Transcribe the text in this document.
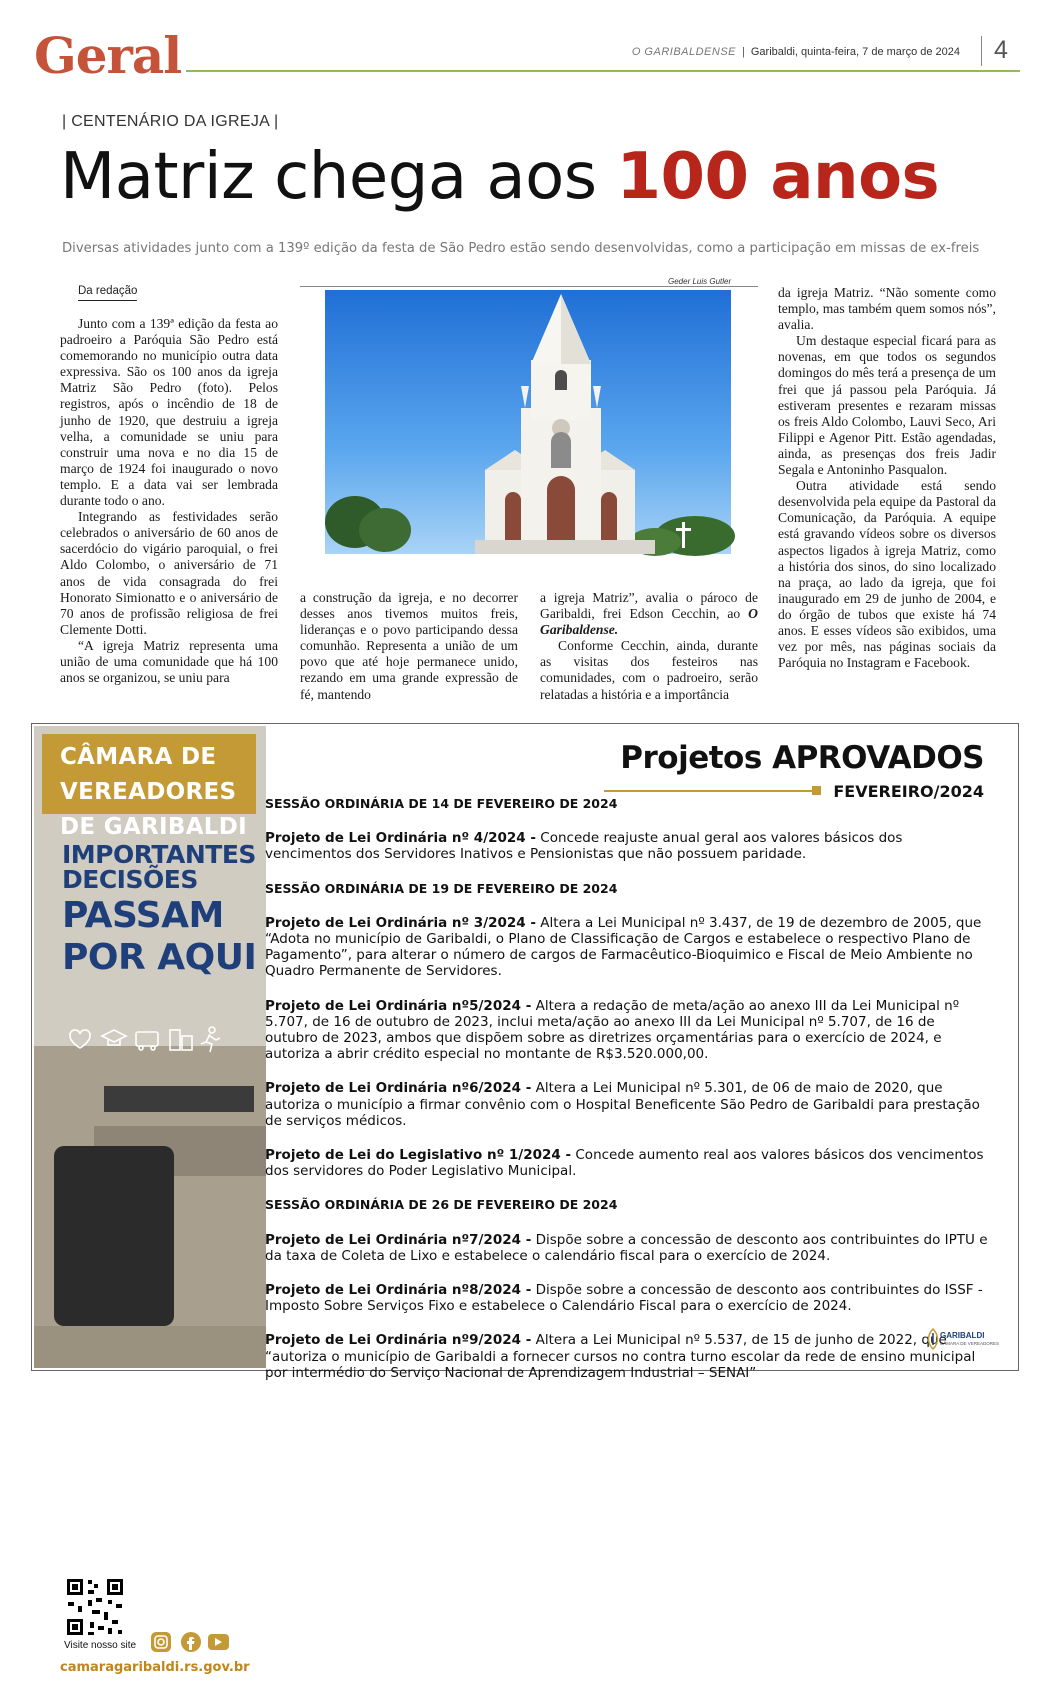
Geral	O GARIBALDENSE | Garibaldi, quinta-feira, 7 de março de 2024 4
| CENTENÁRIO DA IGREJA |
Matriz chega aos 100 anos
Diversas atividades junto com a 139º edição da festa de São Pedro estão sendo desenvolvidas, como a participação em missas de ex-freis
Da redação

Junto com a 139ª edição da festa ao padroeiro a Paróquia São Pedro está comemorando no município outra data expressiva. São os 100 anos da igreja Matriz São Pedro (foto). Pelos registros, após o incêndio de 18 de junho de 1920, que destruiu a igreja velha, a comunidade se uniu para construir uma nova e no dia 15 de março de 1924 foi inaugurado o novo templo. E a data vai ser lembrada durante todo o ano.

Integrando as festividades serão celebrados o aniversário de 60 anos de sacerdócio do vigário paroquial, o frei Aldo Colombo, o aniversário de 71 anos de vida consagrada do frei Honorato Simionatto e o aniversário de 70 anos de profissão religiosa de frei Clemente Dotti.

“A igreja Matriz representa uma união de uma comunidade que há 100 anos se organizou, se uniu para

Geder Luis Gutler

a construção da igreja, e no decorrer desses anos tivemos muitos freis, lideranças e o povo participando dessa comunhão. Representa a união de um povo que até hoje permanece unido, rezando em uma grande expressão de fé, mantendo

a igreja Matriz”, avalia o pároco de Garibaldi, frei Edson Cecchin, ao O Garibaldense.

Conforme Cecchin, ainda, durante as visitas dos festeiros nas comunidades, com o padroeiro, serão relatadas a história e a importância

da igreja Matriz. “Não somente como templo, mas também quem somos nós”, avalia.

Um destaque especial ficará para as novenas, em que todos os segundos domingos do mês terá a presença de um frei que já passou pela Paróquia. Já estiveram presentes e rezaram missas os freis Aldo Colombo, Lauvi Seco, Ari Filippi e Agenor Pitt. Estão agendadas, ainda, as presenças dos freis Jadir Segala e Antoninho Pasqualon.

Outra atividade está sendo desenvolvida pela equipe da Pastoral da Comunicação, da Paróquia. A equipe está gravando vídeos sobre os diversos aspectos ligados à igreja Matriz, como a história dos sinos, do sino localizado na praça, ao lado da igreja, que foi inaugurado em 29 de junho de 2004, e do órgão de tubos que existe há 74 anos. E esses vídeos são exibidos, uma vez por mês, nas páginas sociais da Paróquia no Instagram e Facebook.

CÂMARA DE VEREADORES
DE GARIBALDI
IMPORTANTES
DECISÕES
PASSAM
POR AQUI
Visite nosso site
camaragaribaldi.rs.gov.br
Projetos APROVADOS
FEVEREIRO/2024
SESSÃO ORDINÁRIA DE 14 DE FEVEREIRO DE 2024
Projeto de Lei Ordinária nº 4/2024 - Concede reajuste anual geral aos valores básicos dos vencimentos dos Servidores Inativos e Pensionistas que não possuem paridade.
SESSÃO ORDINÁRIA DE 19 DE FEVEREIRO DE 2024
Projeto de Lei Ordinária nº 3/2024 - Altera a Lei Municipal nº 3.437, de 19 de dezembro de 2005, que “Adota no município de Garibaldi, o Plano de Classificação de Cargos e estabelece o respectivo Plano de Pagamento”, para alterar o número de cargos de Farmacêutico-Bioquimico e Fiscal de Meio Ambiente no Quadro Permanente de Servidores.
Projeto de Lei Ordinária nº5/2024 - Altera a redação de meta/ação ao anexo III da Lei Municipal nº 5.707, de 16 de outubro de 2023, inclui meta/ação ao anexo III da Lei Municipal nº 5.707, de 16 de outubro de 2023, ambos que dispõem sobre as diretrizes orçamentárias para o exercício de 2024, e autoriza a abrir crédito especial no montante de R$3.520.000,00.
Projeto de Lei Ordinária nº6/2024 - Altera a Lei Municipal nº 5.301, de 06 de maio de 2020, que autoriza o município a firmar convênio com o Hospital Beneficente São Pedro de Garibaldi para prestação de serviços médicos.
Projeto de Lei do Legislativo nº 1/2024 - Concede aumento real aos valores básicos dos vencimentos dos servidores do Poder Legislativo Municipal.
SESSÃO ORDINÁRIA DE 26 DE FEVEREIRO DE 2024
Projeto de Lei Ordinária nº7/2024 - Dispõe sobre a concessão de desconto aos contribuintes do IPTU e da taxa de Coleta de Lixo e estabelece o calendário fiscal para o exercício de 2024.
Projeto de Lei Ordinária nº8/2024 - Dispõe sobre a concessão de desconto aos contribuintes do ISSF - Imposto Sobre Serviços Fixo e estabelece o Calendário Fiscal para o exercício de 2024.
Projeto de Lei Ordinária nº9/2024 - Altera a Lei Municipal nº 5.537, de 15 de junho de 2022, que “autoriza o município de Garibaldi a fornecer cursos no contra turno escolar da rede de ensino municipal por intermédio do Serviço Nacional de Aprendizagem Industrial – SENAI”
GARIBALDI
CÂMARA DE VEREADORES
